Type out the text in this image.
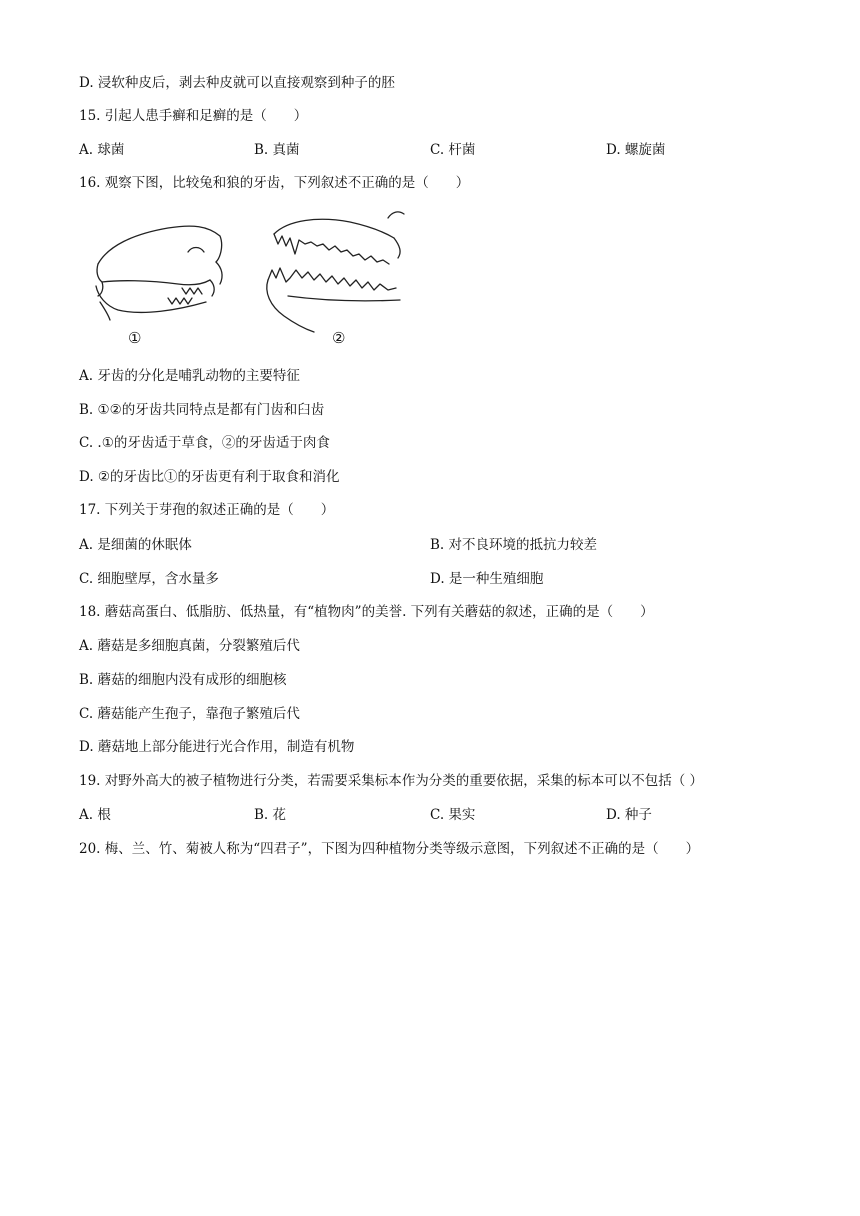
D. 浸软种皮后，剥去种皮就可以直接观察到种子的胚
15. 引起人患手癣和足癣的是（　　）
A. 球菌	B. 真菌	C. 杆菌	D. 螺旋菌
16. 观察下图，比较兔和狼的牙齿，下列叙述不正确的是（　　）
①	②
A. 牙齿的分化是哺乳动物的主要特征
B. ①②的牙齿共同特点是都有门齿和臼齿
C. .①的牙齿适于草食，②的牙齿适于肉食
D. ②的牙齿比①的牙齿更有利于取食和消化
17. 下列关于芽孢的叙述正确的是（　　）
A. 是细菌的休眠体	B. 对不良环境的抵抗力较差
C. 细胞壁厚，含水量多	D. 是一种生殖细胞
18. 蘑菇高蛋白、低脂肪、低热量，有“植物肉”的美誉. 下列有关蘑菇的叙述，正确的是（　　）
A. 蘑菇是多细胞真菌，分裂繁殖后代
B. 蘑菇的细胞内没有成形的细胞核
C. 蘑菇能产生孢子，靠孢子繁殖后代
D. 蘑菇地上部分能进行光合作用，制造有机物
19. 对野外高大的被子植物进行分类，若需要采集标本作为分类的重要依据，采集的标本可以不包括（ ）
A. 根	B. 花	C. 果实	D. 种子
20. 梅、兰、竹、菊被人称为“四君子”，下图为四种植物分类等级示意图，下列叙述不正确的是（　　）
